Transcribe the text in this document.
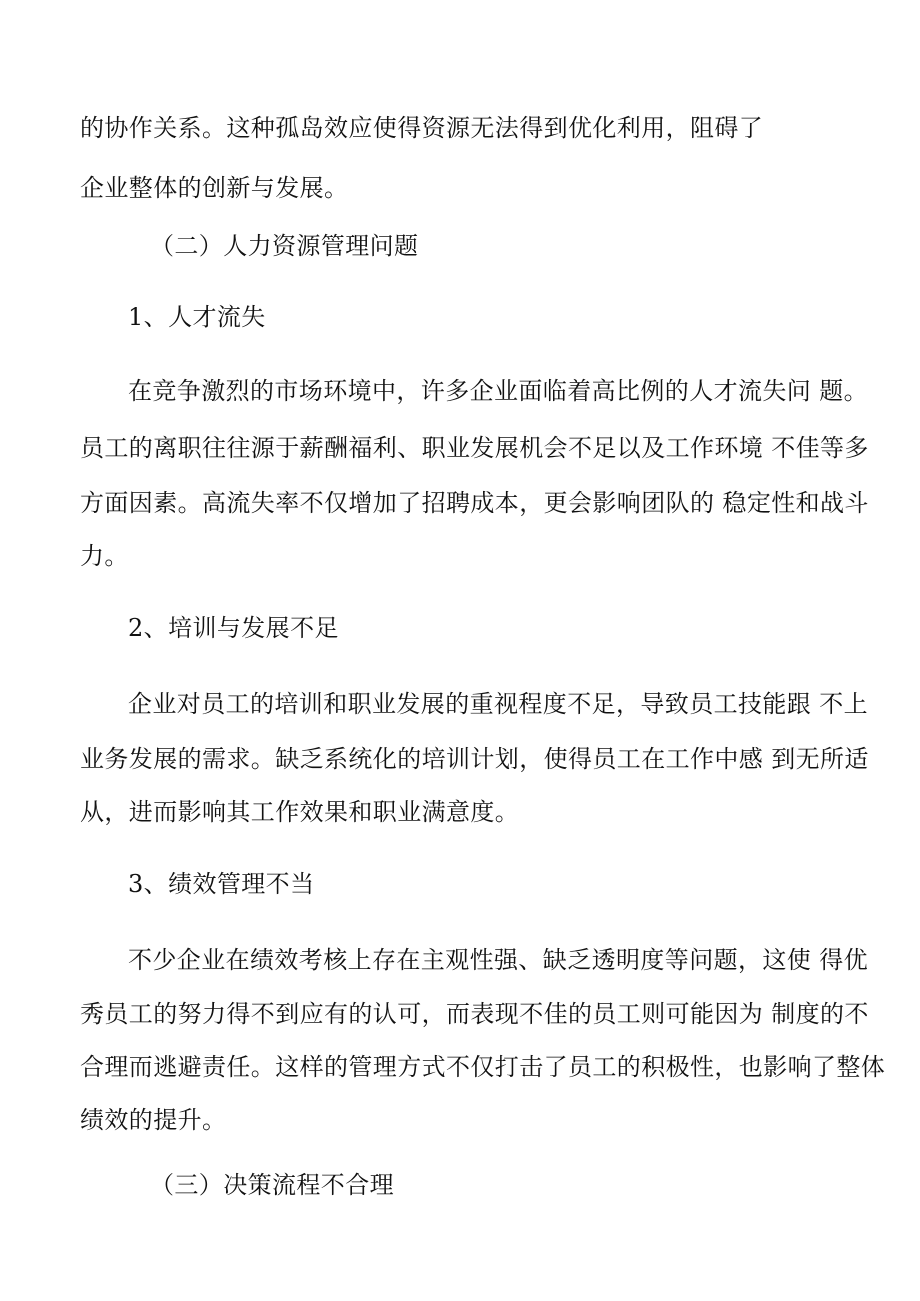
的协作关系。这种孤岛效应使得资源无法得到优化利用，阻碍了
企业整体的创新与发展。
（二）人力资源管理问题
1、人才流失
在竞争激烈的市场环境中，许多企业面临着高比例的人才流失问 题。
员工的离职往往源于薪酬福利、职业发展机会不足以及工作环境 不佳等多
方面因素。高流失率不仅增加了招聘成本，更会影响团队的 稳定性和战斗
力。
2、培训与发展不足
企业对员工的培训和职业发展的重视程度不足，导致员工技能跟 不上
业务发展的需求。缺乏系统化的培训计划，使得员工在工作中感 到无所适
从，进而影响其工作效果和职业满意度。
3、绩效管理不当
不少企业在绩效考核上存在主观性强、缺乏透明度等问题，这使 得优
秀员工的努力得不到应有的认可，而表现不佳的员工则可能因为 制度的不
合理而逃避责任。这样的管理方式不仅打击了员工的积极性，也影响了整体
绩效的提升。
（三）决策流程不合理
